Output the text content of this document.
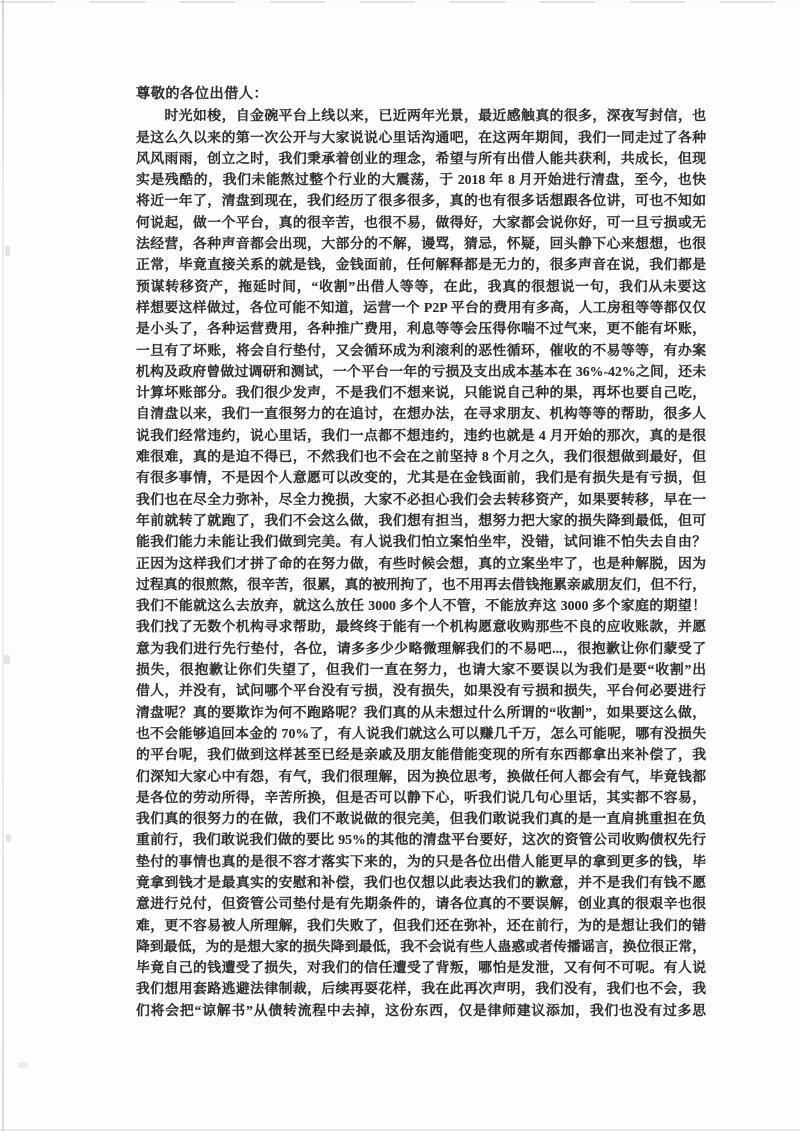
尊敬的各位出借人：
　　时光如梭，自金碗平台上线以来，已近两年光景，最近感触真的很多，深夜写封信，也
是这么久以来的第一次公开与大家说说心里话沟通吧，在这两年期间，我们一同走过了各种
风风雨雨，创立之时，我们秉承着创业的理念，希望与所有出借人能共获利，共成长，但现
实是残酷的，我们未能熬过整个行业的大震荡，于 2018 年 8 月开始进行清盘，至今，也快
将近一年了，清盘到现在，我们经历了很多很多，真的也有很多话想跟各位讲，可也不知如
何说起，做一个平台，真的很辛苦，也很不易，做得好，大家都会说你好，可一旦亏损或无
法经营，各种声音都会出现，大部分的不解，谩骂，猜忌，怀疑，回头静下心来想想，也很
正常，毕竟直接关系的就是钱，金钱面前，任何解释都是无力的，很多声音在说，我们都是
预谋转移资产，拖延时间，“收割”出借人等等，在此，我真的很想说一句，我们从未要这
样想要这样做过，各位可能不知道，运营一个 P2P 平台的费用有多高，人工房租等等都仅仅
是小头了，各种运营费用，各种推广费用，利息等等会压得你喘不过气来，更不能有坏账，
一旦有了坏账，将会自行垫付，又会循环成为利滚利的恶性循环，催收的不易等等，有办案
机构及政府曾做过调研和测试，一个平台一年的亏损及支出成本基本在 36%-42%之间，还未
计算坏账部分。我们很少发声，不是我们不想来说，只能说自己种的果，再坏也要自己吃，
自清盘以来，我们一直很努力的在追讨，在想办法，在寻求朋友、机构等等的帮助，很多人
说我们经常违约，说心里话，我们一点都不想违约，违约也就是 4 月开始的那次，真的是很
难很难，真的是迫不得已，不然我们也不会在之前坚持 8 个月之久，我们很想做到最好，但
有很多事情，不是因个人意愿可以改变的，尤其是在金钱面前，我们是有损失是有亏损，但
我们也在尽全力弥补，尽全力挽损，大家不必担心我们会去转移资产，如果要转移，早在一
年前就转了就跑了，我们不会这么做，我们想有担当，想努力把大家的损失降到最低，但可
能我们能力未能让我们做到完美。有人说我们怕立案怕坐牢，没错，试问谁不怕失去自由？
正因为这样我们才拼了命的在努力做，有些时候会想，真的立案坐牢了，也是种解脱，因为
过程真的很煎熬，很辛苦，很累，真的被刑拘了，也不用再去借钱拖累亲戚朋友们，但不行，
我们不能就这么去放弃，就这么放任 3000 多个人不管，不能放弃这 3000 多个家庭的期望！
我们找了无数个机构寻求帮助，最终终于能有一个机构愿意收购那些不良的应收账款，并愿
意为我们进行先行垫付，各位，请多多少少略微理解我们的不易吧...，很抱歉让你们蒙受了
损失，很抱歉让你们失望了，但我们一直在努力，也请大家不要误以为我们是要“收割”出
借人，并没有，试问哪个平台没有亏损，没有损失，如果没有亏损和损失，平台何必要进行
清盘呢？真的要欺诈为何不跑路呢？我们真的从未想过什么所谓的“收割”，如果要这么做，
也不会能够追回本金的 70%了，有人说我们就这么可以赚几千万，怎么可能呢，哪有没损失
的平台呢，我们做到这样甚至已经是亲戚及朋友能借能变现的所有东西都拿出来补偿了，我
们深知大家心中有怨，有气，我们很理解，因为换位思考，换做任何人都会有气，毕竟钱都
是各位的劳动所得，辛苦所换，但是否可以静下心，听我们说几句心里话，其实都不容易，
我们真的很努力的在做，我们不敢说做的很完美，但我们敢说我们真的是一直肩挑重担在负
重前行，我们敢说我们做的要比 95%的其他的清盘平台要好，这次的资管公司收购债权先行
垫付的事情也真的是很不容才落实下来的，为的只是各位出借人能更早的拿到更多的钱，毕
竟拿到钱才是最真实的安慰和补偿，我们也仅想以此表达我们的歉意，并不是我们有钱不愿
意进行兑付，但资管公司垫付是有先期条件的，请各位真的不要误解，创业真的很艰辛也很
难，更不容易被人所理解，我们失败了，但我们还在弥补，还在前行，为的是想让我们的错
降到最低，为的是想大家的损失降到最低，我不会说有些人蛊惑或者传播谣言，换位很正常，
毕竟自己的钱遭受了损失，对我们的信任遭受了背叛，哪怕是发泄，又有何不可呢。有人说
我们想用套路逃避法律制裁，后续再耍花样，我在此再次声明，我们没有，我们也不会，我
们将会把“谅解书”从债转流程中去掉，这份东西，仅是律师建议添加，我们也没有过多思
